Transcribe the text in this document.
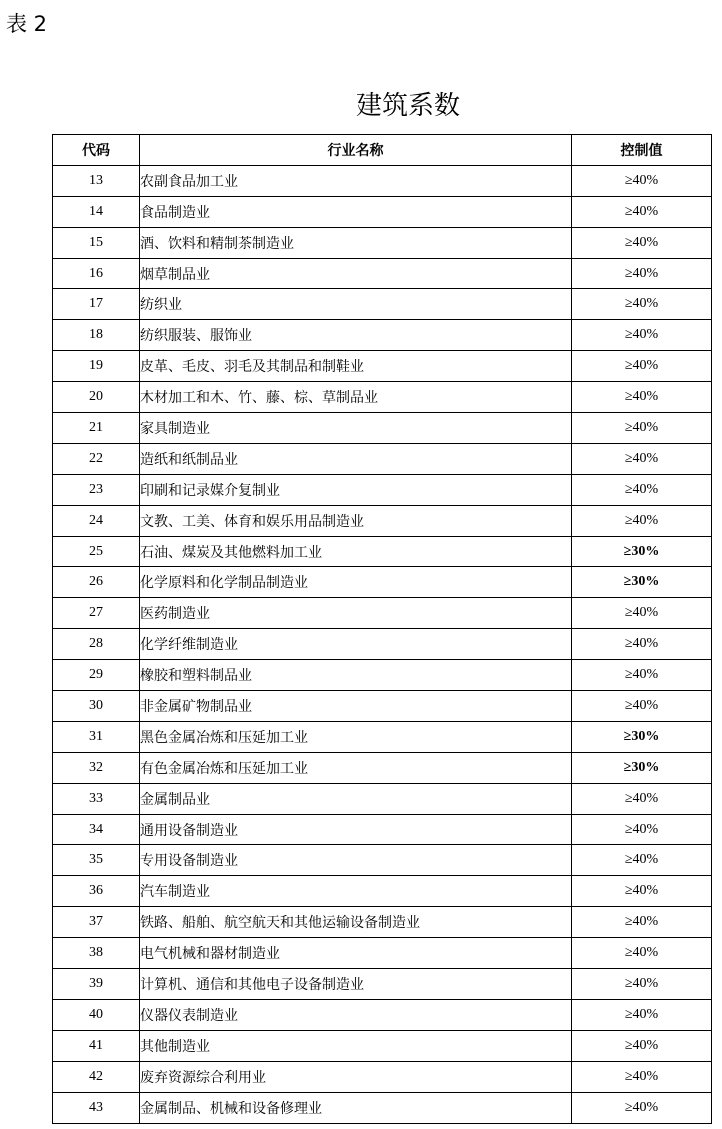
表 2
建筑系数
代码	行业名称	控制值
13	农副食品加工业	≥40%
14	食品制造业	≥40%
15	酒、饮料和精制茶制造业	≥40%
16	烟草制品业	≥40%
17	纺织业	≥40%
18	纺织服装、服饰业	≥40%
19	皮革、毛皮、羽毛及其制品和制鞋业	≥40%
20	木材加工和木、竹、藤、棕、草制品业	≥40%
21	家具制造业	≥40%
22	造纸和纸制品业	≥40%
23	印刷和记录媒介复制业	≥40%
24	文教、工美、体育和娱乐用品制造业	≥40%
25	石油、煤炭及其他燃料加工业	≥30%
26	化学原料和化学制品制造业	≥30%
27	医药制造业	≥40%
28	化学纤维制造业	≥40%
29	橡胶和塑料制品业	≥40%
30	非金属矿物制品业	≥40%
31	黑色金属冶炼和压延加工业	≥30%
32	有色金属冶炼和压延加工业	≥30%
33	金属制品业	≥40%
34	通用设备制造业	≥40%
35	专用设备制造业	≥40%
36	汽车制造业	≥40%
37	铁路、船舶、航空航天和其他运输设备制造业	≥40%
38	电气机械和器材制造业	≥40%
39	计算机、通信和其他电子设备制造业	≥40%
40	仪器仪表制造业	≥40%
41	其他制造业	≥40%
42	废弃资源综合利用业	≥40%
43	金属制品、机械和设备修理业	≥40%
